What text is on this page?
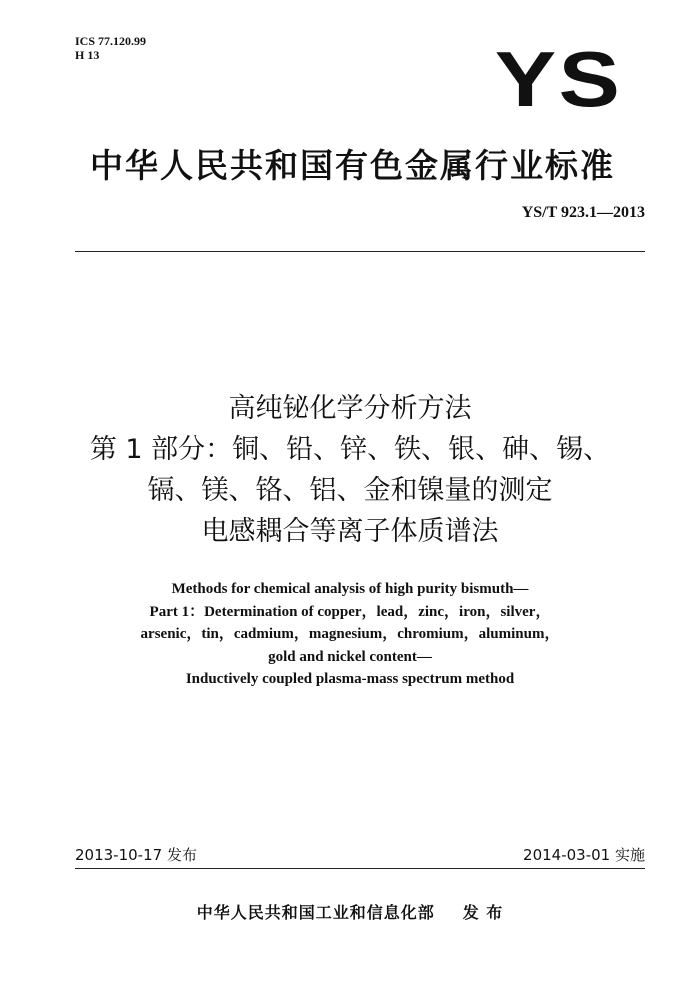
ICS 77.120.99
H 13	YS
中华人民共和国有色金属行业标准
YS/T 923.1—2013
高纯铋化学分析方法
第 1 部分：铜、铅、锌、铁、银、砷、锡、
镉、镁、铬、铝、金和镍量的测定
电感耦合等离子体质谱法
Methods for chemical analysis of high purity bismuth—
Part 1：Determination of copper，lead，zinc，iron，silver，
arsenic，tin，cadmium，magnesium，chromium，aluminum，
gold and nickel content—
Inductively coupled plasma-mass spectrum method
2013-10-17 发布	2014-03-01 实施
中华人民共和国工业和信息化部 发 布
